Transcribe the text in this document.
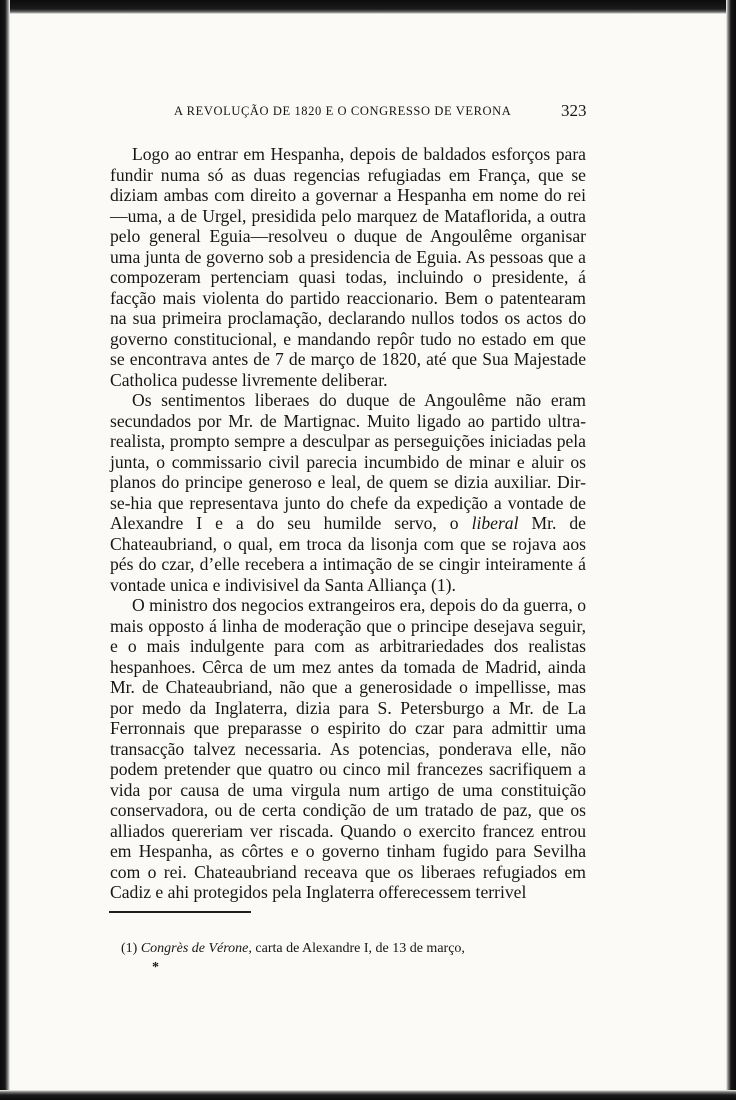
A REVOLUÇÃO DE 1820 E O CONGRESSO DE VERONA	323

Logo ao entrar em Hespanha, depois de baldados esforços para fundir numa só as duas regencias refugiadas em França, que se diziam ambas com direito a governar a Hespanha em nome do rei—uma, a de Urgel, presidida pelo marquez de Mataflorida, a outra pelo general Eguia—resolveu o duque de Angoulême organisar uma junta de governo sob a presidencia de Eguia. As pessoas que a compozeram pertenciam quasi todas, incluindo o presidente, á facção mais violenta do partido reaccionario. Bem o patentearam na sua primeira proclamação, declarando nullos todos os actos do governo constitucional, e mandando repôr tudo no estado em que se encontrava antes de 7 de março de 1820, até que Sua Majestade Catholica pudesse livremente deliberar.

Os sentimentos liberaes do duque de Angoulême não eram secundados por Mr. de Martignac. Muito ligado ao partido ultra-realista, prompto sempre a desculpar as perseguições iniciadas pela junta, o commissario civil parecia incumbido de minar e aluir os planos do principe generoso e leal, de quem se dizia auxiliar. Dir-se-hia que representava junto do chefe da expedição a vontade de Alexandre I e a do seu humilde servo, o liberal Mr. de Chateaubriand, o qual, em troca da lisonja com que se rojava aos pés do czar, d’elle recebera a intimação de se cingir inteiramente á vontade unica e indivisivel da Santa Alliança (1).

O ministro dos negocios extrangeiros era, depois do da guerra, o mais opposto á linha de moderação que o principe desejava seguir, e o mais indulgente para com as arbitrariedades dos realistas hespanhoes. Cêrca de um mez antes da tomada de Madrid, ainda Mr. de Chateaubriand, não que a generosidade o impellisse, mas por medo da Inglaterra, dizia para S. Petersburgo a Mr. de La Ferronnais que preparasse o espirito do czar para admittir uma transacção talvez necessaria. As potencias, ponderava elle, não podem pretender que quatro ou cinco mil francezes sacrifiquem a vida por causa de uma virgula num artigo de uma constituição conservadora, ou de certa condição de um tratado de paz, que os alliados quereriam ver riscada. Quando o exercito francez entrou em Hespanha, as côrtes e o governo tinham fugido para Sevilha com o rei. Chateaubriand receava que os liberaes refugiados em Cadiz e ahi protegidos pela Inglaterra offerecessem terrivel

(1) Congrès de Vérone, carta de Alexandre I, de 13 de março,
*
